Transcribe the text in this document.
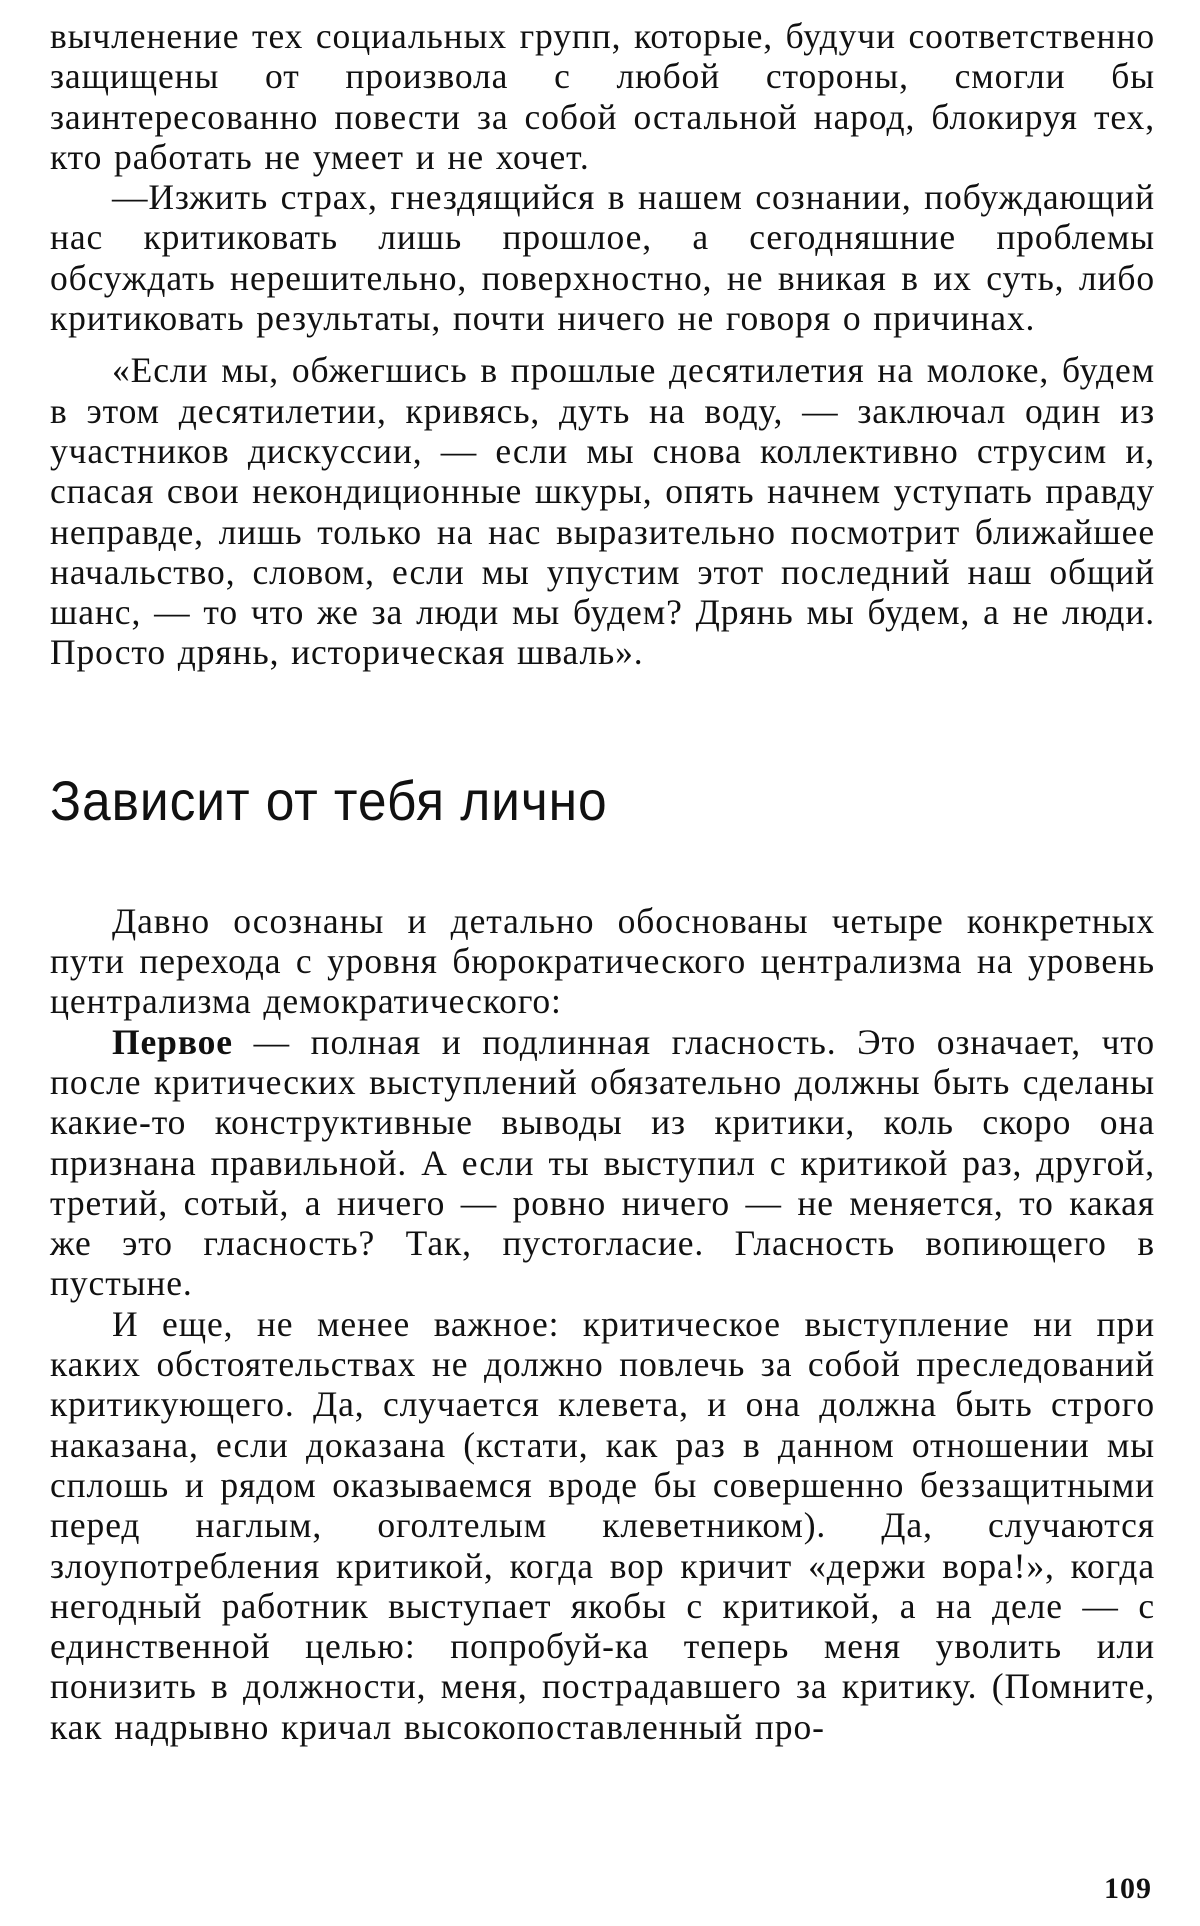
вычленение тех социальных групп, которые, будучи соответственно защищены от произвола с любой стороны, смогли бы заинтересованно повести за собой остальной народ, блокируя тех, кто работать не умеет и не хочет.

—Изжить страх, гнездящийся в нашем сознании, побуждающий нас критиковать лишь прошлое, а сегодняшние проблемы обсуждать нерешительно, поверхностно, не вникая в их суть, либо критиковать результаты, почти ничего не говоря о причинах.

«Если мы, обжегшись в прошлые десятилетия на молоке, будем в этом десятилетии, кривясь, дуть на воду, — заключал один из участников дискуссии, — если мы снова коллективно струсим и, спасая свои некондиционные шкуры, опять начнем уступать правду неправде, лишь только на нас выразительно посмотрит ближайшее начальство, словом, если мы упустим этот последний наш общий шанс, — то что же за люди мы будем? Дрянь мы будем, а не люди. Просто дрянь, историческая шваль».

Зависит от тебя лично

Давно осознаны и детально обоснованы четыре конкретных пути перехода с уровня бюрократического централизма на уровень централизма демократического:

Первое — полная и подлинная гласность. Это означает, что после критических выступлений обязательно должны быть сделаны какие-то конструктивные выводы из критики, коль скоро она признана правильной. А если ты выступил с критикой раз, другой, третий, сотый, а ничего — ровно ничего — не меняется, то какая же это гласность? Так, пустогласие. Гласность вопиющего в пустыне.

И еще, не менее важное: критическое выступление ни при каких обстоятельствах не должно повлечь за собой преследований критикующего. Да, случается клевета, и она должна быть строго наказана, если доказана (кстати, как раз в данном отношении мы сплошь и рядом оказываемся вроде бы совершенно беззащитными перед наглым, оголтелым клеветником). Да, случаются злоупотребления критикой, когда вор кричит «держи вора!», когда негодный работник выступает якобы с критикой, а на деле — с единственной целью: попробуй-ка теперь меня уволить или понизить в должности, меня, пострадавшего за критику. (Помните, как надрывно кричал высокопоставленный про-

109
